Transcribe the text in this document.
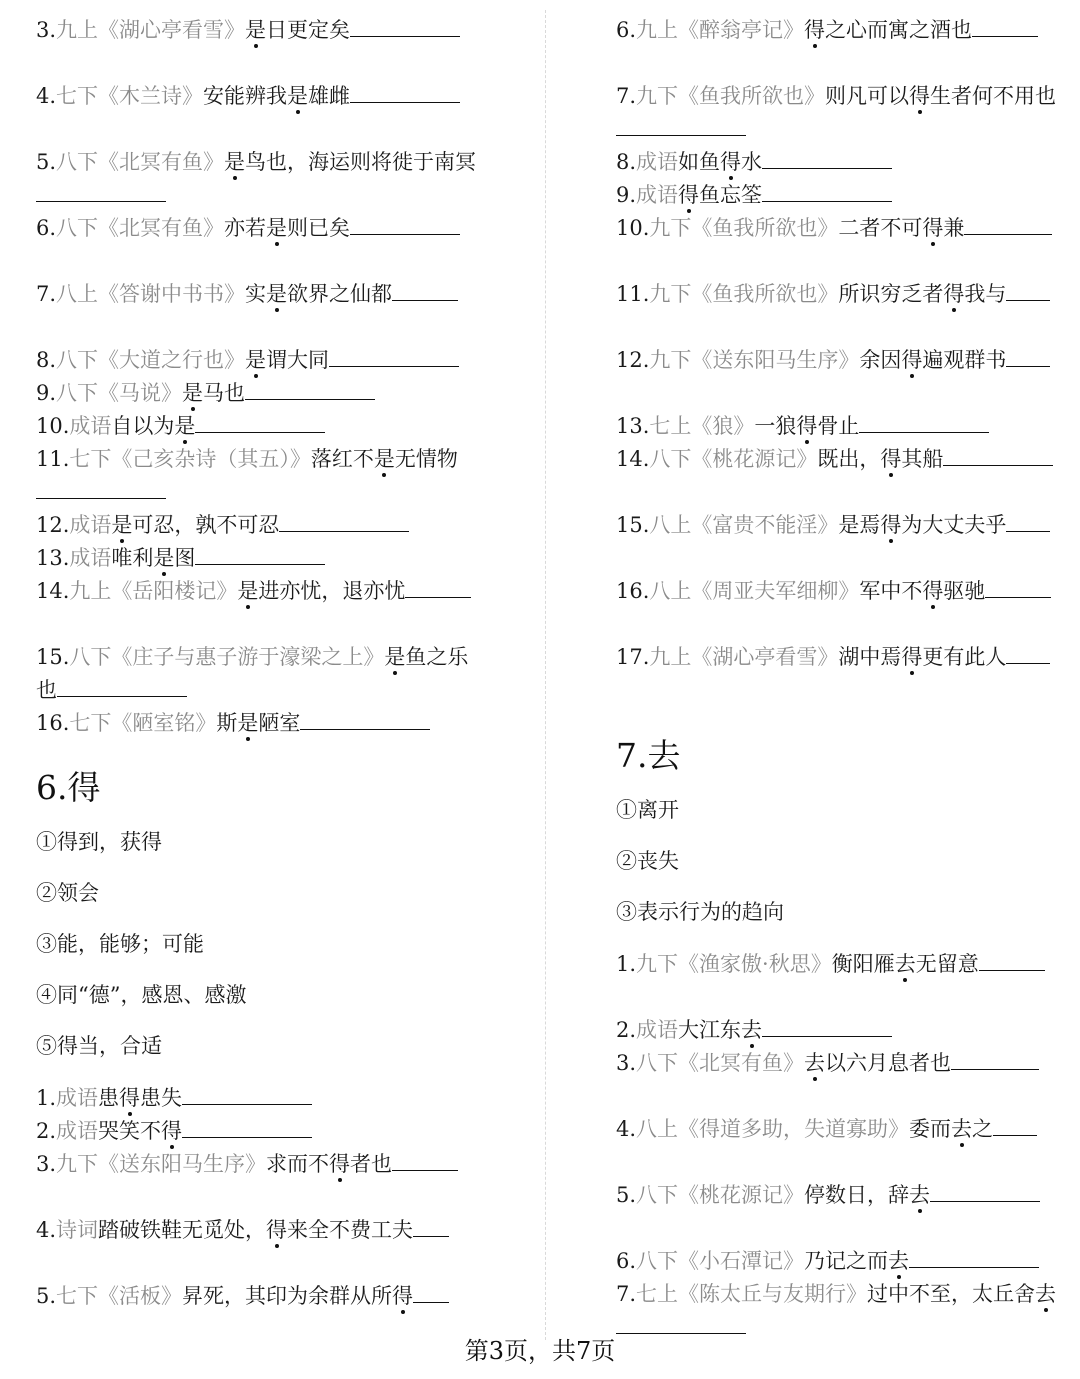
3.九上《湖心亭看雪》是日更定矣
4.七下《木兰诗》安能辨我是雄雌
5.八下《北冥有鱼》是鸟也，海运则将徙于南冥
6.八下《北冥有鱼》亦若是则已矣
7.八上《答谢中书书》实是欲界之仙都
8.八下《大道之行也》是谓大同
9.八下《马说》是马也
10.成语自以为是
11.七下《己亥杂诗（其五）》落红不是无情物
12.成语是可忍，孰不可忍
13.成语唯利是图
14.九上《岳阳楼记》是进亦忧，退亦忧
15.八下《庄子与惠子游于濠梁之上》是鱼之乐也
16.七下《陋室铭》斯是陋室
6.得
①得到，获得
②领会
③能，能够；可能
④同“德”，感恩、感激
⑤得当，合适
1.成语患得患失
2.成语哭笑不得
3.九下《送东阳马生序》求而不得者也
4.诗词踏破铁鞋无觅处，得来全不费工夫
5.七下《活板》昇死，其印为余群从所得
6.九上《醉翁亭记》得之心而寓之酒也
7.九下《鱼我所欲也》则凡可以得生者何不用也
8.成语如鱼得水
9.成语得鱼忘筌
10.九下《鱼我所欲也》二者不可得兼
11.九下《鱼我所欲也》所识穷乏者得我与
12.九下《送东阳马生序》余因得遍观群书
13.七上《狼》一狼得骨止
14.八下《桃花源记》既出，得其船
15.八上《富贵不能淫》是焉得为大丈夫乎
16.八上《周亚夫军细柳》军中不得驱驰
17.九上《湖心亭看雪》湖中焉得更有此人
7.去
①离开
②丧失
③表示行为的趋向
1.九下《渔家傲·秋思》衡阳雁去无留意
2.成语大江东去
3.八下《北冥有鱼》去以六月息者也
4.八上《得道多助，失道寡助》委而去之
5.八下《桃花源记》停数日，辞去
6.八下《小石潭记》乃记之而去
7.七上《陈太丘与友期行》过中不至，太丘舍去
第3页，共7页
